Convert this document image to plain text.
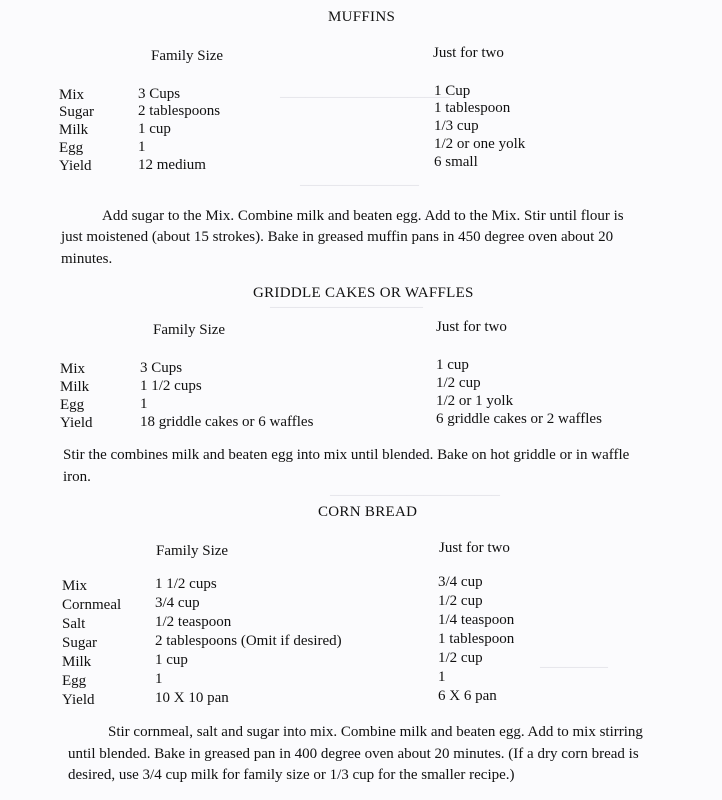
────────────────────
──────────────
──────────────────
────────────────────
────────
MUFFINS
Family Size	Just for two
Mix	3 Cups	1 Cup
Sugar	2 tablespoons	1 tablespoon
Milk	1 cup	1/3 cup
Egg	1	1/2 or one yolk
Yield	12 medium	6 small
Add sugar to the Mix. Combine milk and beaten egg. Add to the Mix. Stir until flour is
just moistened (about 15 strokes). Bake in greased muffin pans in 450 degree oven about 20
minutes.
GRIDDLE CAKES OR WAFFLES
Family Size	Just for two
Mix	3 Cups	1 cup
Milk	1 1/2 cups	1/2 cup
Egg	1	1/2 or 1 yolk
Yield	18 griddle cakes or 6 waffles	6 griddle cakes or 2 waffles
Stir the combines milk and beaten egg into mix until blended. Bake on hot griddle or in waffle
iron.
CORN BREAD
Family Size	Just for two
Mix	1 1/2 cups	3/4 cup
Cornmeal 3/4 cup	1/2 cup
Salt	1/2 teaspoon	1/4 teaspoon
Sugar	2 tablespoons (Omit if desired)	1 tablespoon
Milk	1 cup	1/2 cup
Egg	1	1
Yield	10 X 10 pan	6 X 6 pan
Stir cornmeal, salt and sugar into mix. Combine milk and beaten egg. Add to mix stirring
until blended. Bake in greased pan in 400 degree oven about 20 minutes. (If a dry corn bread is
desired, use 3/4 cup milk for family size or 1/3 cup for the smaller recipe.)
